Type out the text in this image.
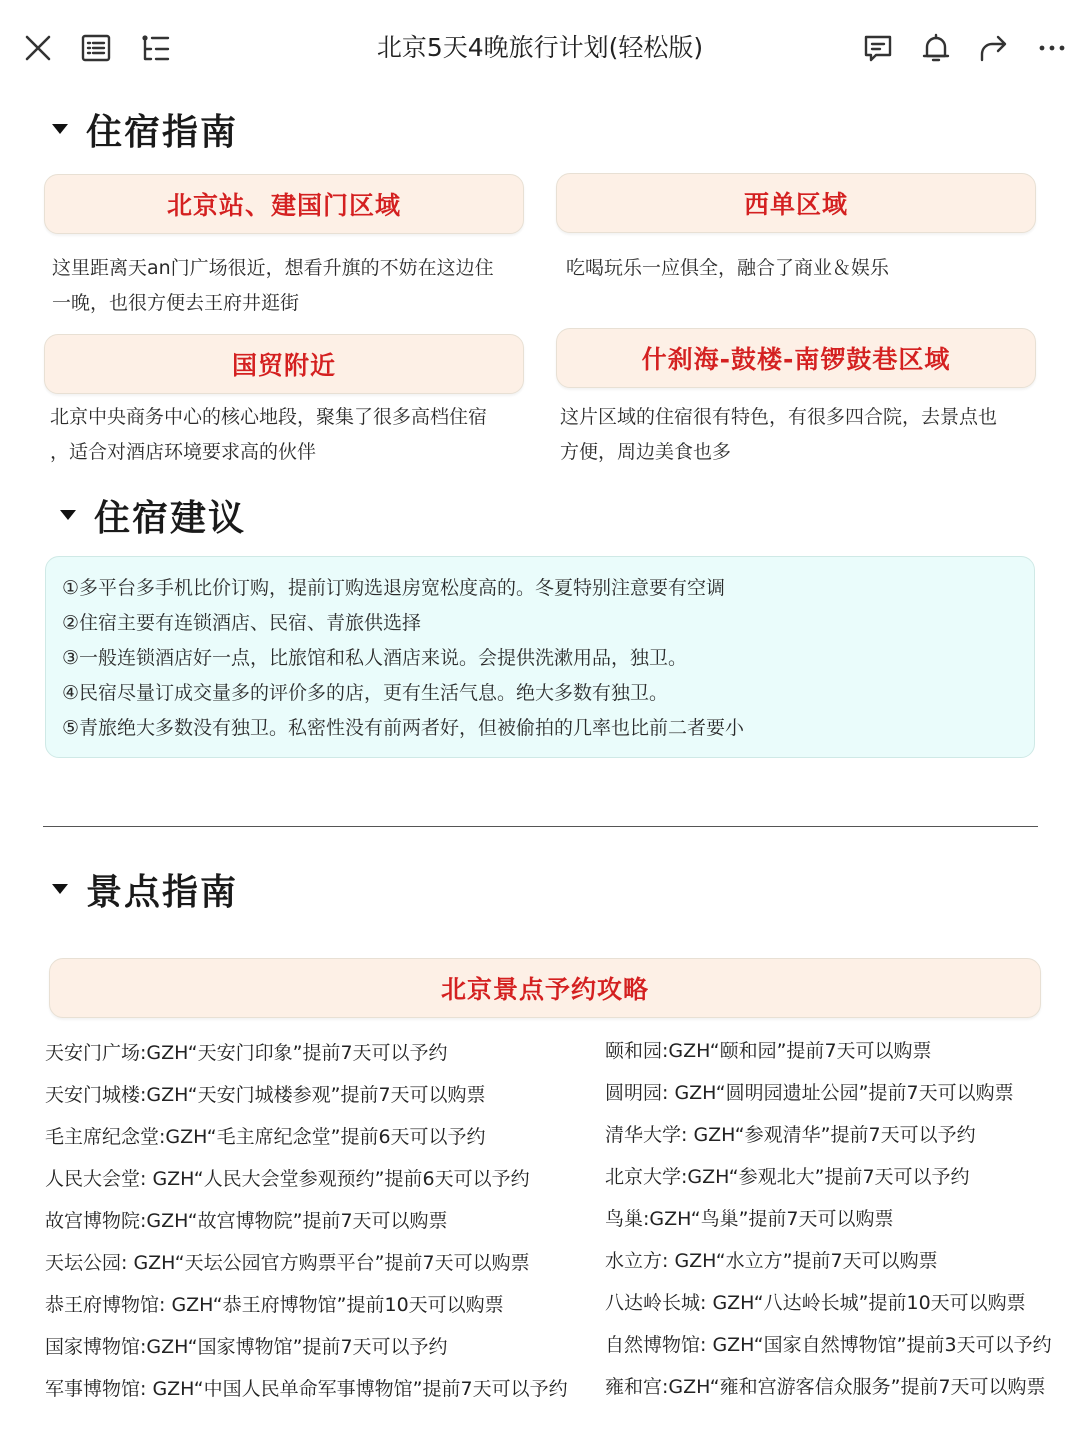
北京5天4晚旅行计划(轻松版)
住宿指南
北京站、建国门区域	西单区域
这里距离天an门广场很近，想看升旗的不妨在这边住
一晚，也很方便去王府井逛街
吃喝玩乐一应俱全，融合了商业＆娱乐
国贸附近	什刹海-鼓楼-南锣鼓巷区域
北京中央商务中心的核心地段，聚集了很多高档住宿
，适合对酒店环境要求高的伙伴
这片区域的住宿很有特色，有很多四合院，去景点也
方便，周边美食也多
住宿建议
①多平台多手机比价订购，提前订购选退房宽松度高的。冬夏特别注意要有空调
②住宿主要有连锁酒店、民宿、青旅供选择
③一般连锁酒店好一点，比旅馆和私人酒店来说。会提供洗漱用品，独卫。
④民宿尽量订成交量多的评价多的店，更有生活气息。绝大多数有独卫。
⑤青旅绝大多数没有独卫。私密性没有前两者好，但被偷拍的几率也比前二者要小
景点指南
北京景点予约攻略
天安门广场:GZH“天安门印象”提前7天可以予约
天安门城楼:GZH“天安门城楼参观”提前7天可以购票
毛主席纪念堂:GZH“毛主席纪念堂”提前6天可以予约
人民大会堂: GZH“人民大会堂参观预约”提前6天可以予约
故宫博物院:GZH“故宫博物院”提前7天可以购票
天坛公园: GZH“天坛公园官方购票平台”提前7天可以购票
恭王府博物馆: GZH“恭王府博物馆”提前10天可以购票
国家博物馆:GZH“国家博物馆”提前7天可以予约
军事博物馆: GZH“中国人民单命军事博物馆”提前7天可以予约
颐和园:GZH“颐和园”提前7天可以购票
圆明园: GZH“圆明园遗址公园”提前7天可以购票
清华大学: GZH“参观清华”提前7天可以予约
北京大学:GZH“参观北大”提前7天可以予约
鸟巢:GZH“鸟巢”提前7天可以购票
水立方: GZH“水立方”提前7天可以购票
八达岭长城: GZH“八达岭长城”提前10天可以购票
自然博物馆: GZH“国家自然博物馆”提前3天可以予约
雍和宫:GZH“雍和宫游客信众服务”提前7天可以购票
